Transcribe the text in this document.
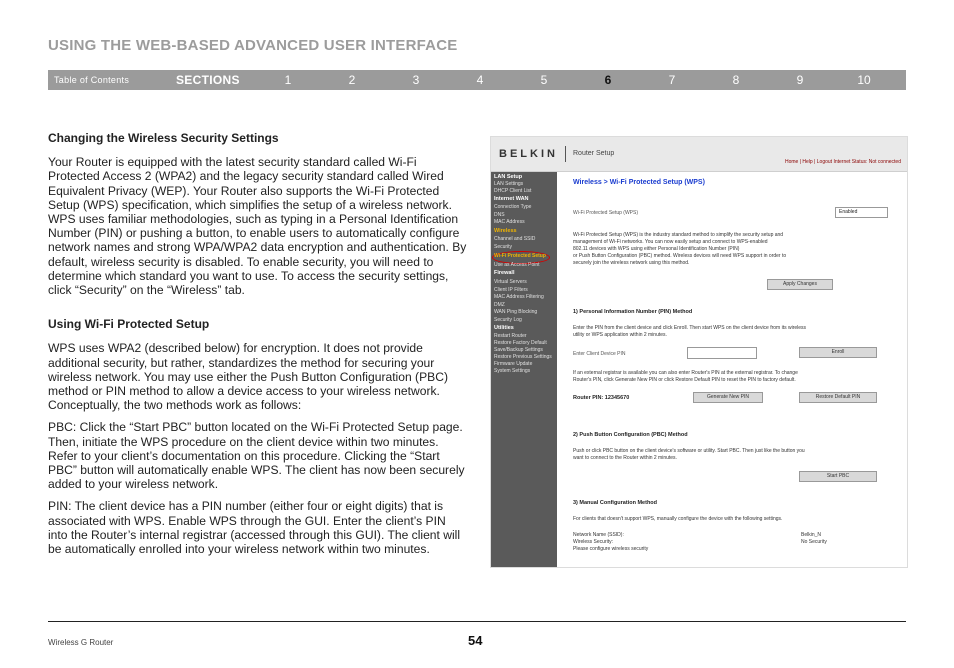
USING THE WEB-BASED ADVANCED USER INTERFACE
Table of Contents	SECTIONS	1	2	3	4	5	6	7	8	9	10
Changing the Wireless Security Settings

Your Router is equipped with the latest security standard called Wi-Fi Protected Access 2 (WPA2) and the legacy security standard called Wired Equivalent Privacy (WEP). Your Router also supports the Wi-Fi Protected Setup (WPS) specification, which simplifies the setup of a wireless network. WPS uses familiar methodologies, such as typing in a Personal Identification Number (PIN) or pushing a button, to enable users to automatically configure network names and strong WPA/WPA2 data encryption and authentication. By default, wireless security is disabled. To enable security, you will need to determine which standard you want to use. To access the security settings, click “Security” on the “Wireless” tab.

Using Wi-Fi Protected Setup

WPS uses WPA2 (described below) for encryption. It does not provide additional security, but rather, standardizes the method for securing your wireless network. You may use either the Push Button Configuration (PBC) method or PIN method to allow a device access to your wireless network. Conceptually, the two methods work as follows:

PBC: Click the “Start PBC” button located on the Wi-Fi Protected Setup page. Then, initiate the WPS procedure on the client device within two minutes. Refer to your client’s documentation on this procedure. Clicking the “Start PBC” button will automatically enable WPS. The client has now been securely added to your wireless network.

PIN: The client device has a PIN number (either four or eight digits) that is associated with WPS. Enable WPS through the GUI. Enter the client’s PIN into the Router’s internal registrar (accessed through this GUI). The client will be automatically enrolled into your wireless network within two minutes.

BELKIN Router Setup
Home | Help | Logout Internet Status: Not connected
LAN Setup
LAN Settings
DHCP Client List
Internet WAN
Connection Type
DNS
MAC Address
Wireless
Channel and SSID
Security
Wi-Fi Protected Setup
Use as Access Point
Firewall
Virtual Servers
Client IP Filters
MAC Address Filtering
DMZ
WAN Ping Blocking
Security Log
Utilities
Restart Router
Restore Factory Default
Save/Backup Settings
Restore Previous Settings
Firmware Update
System Settings
Wireless > Wi-Fi Protected Setup (WPS)
Wi-Fi Protected Setup (WPS)	Enabled
Wi-Fi Protected Setup (WPS) is the industry standard method to simplify the security setup and
management of Wi-Fi networks. You can now easily setup and connect to WPS-enabled
802.11 devices with WPS using either Personal Identification Number (PIN)
or Push Button Configuration (PBC) method. Wireless devices will need WPS support in order to
securely join the wireless network using this method.
Apply Changes
1) Personal Information Number (PIN) Method
Enter the PIN from the client device and click Enroll. Then start WPS on the client device from its wireless
utility or WPS application within 2 minutes.
Enter Client Device PIN	Enroll
If an external registrar is available you can also enter Router's PIN at the external registrar. To change
Router's PIN, click Generate New PIN or click Restore Default PIN to reset the PIN to factory default.
Router PIN: 12345670	Generate New PIN	Restore Default PIN
2) Push Button Configuration (PBC) Method
Push or click PBC button on the client device's software or utility. Start PBC. Then just like the button you
want to connect to the Router within 2 minutes.
Start PBC
3) Manual Configuration Method
For clients that doesn't support WPS, manually configure the device with the following settings.
Network Name (SSID):	Belkin_N
Wireless Security:	No Security
Please configure wireless security
Wireless G Router	54
